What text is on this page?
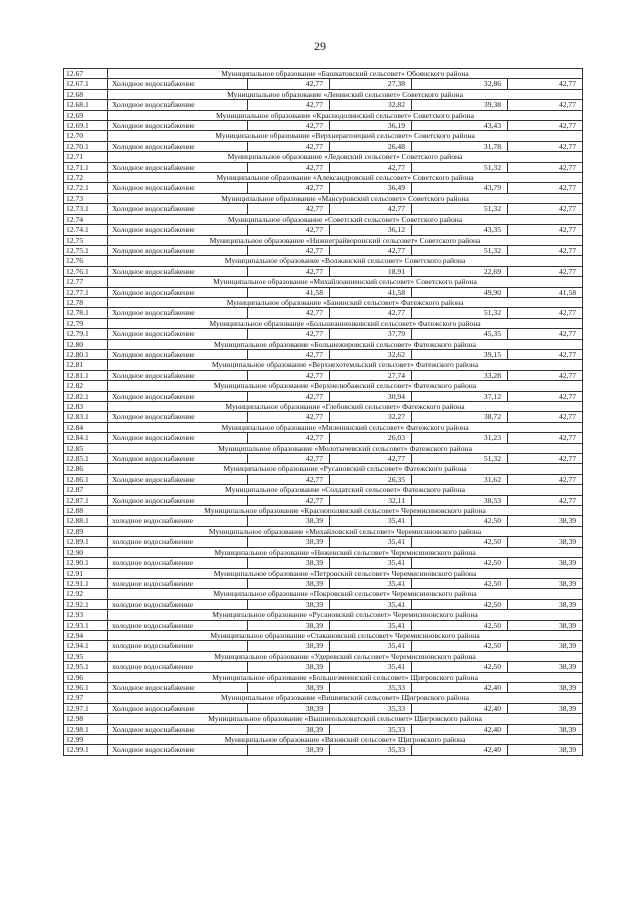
29
12.67	Муниципальное образование «Башкатовский сельсовет» Обоянского района				
12.67.1	Холодное водоснабжение	42,77	27,38	32,86	42,77
12.68	Муниципальное образование «Ленинский сельсовет» Советского района				
12.68.1	Холодное водоснабжение	42,77	32,82	39,38	42,77
12.69	Муниципальное образование «Краснодолинский сельсовет» Советского района				
12.69.1	Холодное водоснабжение	42,77	36,19	43,43	42,77
12.70	Муниципальное образование «Верхнерагозецкий сельсовет» Советского района				
12.70.1	Холодное водоснабжение	42,77	26,48	31,78	42,77
12.71	Муниципальное образование «Ледовский сельсовет» Советского района				
12.71.1	Холодное водоснабжение	42,77	42,77	51,32	42,77
12.72	Муниципальное образование «Александровский сельсовет» Советского района				
12.72.1	Холодное водоснабжение	42,77	36,49	43,79	42,77
12.73	Муниципальное образование «Мансуровский сельсовет» Советского района				
12.73.1	Холодное водоснабжение	42,77	42,77	51,32	42,77
12.74	Муниципальное образование «Советский сельсовет» Советского района				
12.74.1	Холодное водоснабжение	42,77	36,12	43,35	42,77
12.75	Муниципальное образование «Нижнеграйворонский сельсовет» Советского района				
12.75.1	Холодное водоснабжение	42,77	42,77	51,32	42,77
12.76	Муниципальное образование «Волжанский сельсовет» Советского района				
12.76.1	Холодное водоснабжение	42,77	18,91	22,69	42,77
12.77	Муниципальное образование «Михайлоанненский сельсовет» Советского района				
12.77.1	Холодное водоснабжение	41,58	41,58	49,90	41,58
12.78	Муниципальное образование «Банинский сельсовет» Фатежского района				
12.78.1	Холодное водоснабжение	42,77	42,77	51,32	42,77
12.79	Муниципальное образование «Большеанненковский сельсовет» Фатежского района				
12.79.1	Холодное водоснабжение	42,77	37,79	45,35	42,77
12.80	Муниципальное образование «Большежировский сельсовет» Фатежского района				
12.80.1	Холодное водоснабжение	42,77	32,62	39,15	42,77
12.81	Муниципальное образование «Верхнехотемльский сельсовет» Фатежского района				
12.81.1	Холодное водоснабжение	42,77	27,74	33,28	42,77
12.82	Муниципальное образование «Верхнелюбажский сельсовет» Фатежского района				
12.82.1	Холодное водоснабжение	42,77	30,94	37,12	42,77
12.83	Муниципальное образование «Глебовский сельсовет» Фатежского района				
12.83.1	Холодное водоснабжение	42,77	32,27	38,72	42,77
12.84	Муниципальное образование «Миленинский сельсовет» Фатежского района				
12.84.1	Холодное водоснабжение	42,77	26,03	31,23	42,77
12.85	Муниципальное образование «Молотычевский сельсовет» Фатежского района				
12.85.1	Холодное водоснабжение	42,77	42,77	51,32	42,77
12.86	Муниципальное образование «Русановский сельсовет» Фатежского района				
12.86.1	Холодное водоснабжение	42,77	26,35	31,62	42,77
12.87	Муниципальное образование «Солдатский сельсовет» Фатежского района				
12.87.1	Холодное водоснабжение	42,77	32,11	38,53	42,77
12.88	Муниципальное образование «Краснополянский сельсовет» Черемисиновского района				
12.88.1	холодное водоснабжение	38,39	35,41	42,50	38,39
12.89	Муниципальное образование «Михайловский сельсовет» Черемисиновского района				
12.89.1	холодное водоснабжение	38,39	35,41	42,50	38,39
12.90	Муниципальное образование «Ниженский сельсовет» Черемисиновского района				
12.90.1	холодное водоснабжение	38,39	35,41	42,50	38,39
12.91	Муниципальное образование «Петровский сельсовет» Черемисиновского района				
12.91.1	холодное водоснабжение	38,39	35,41	42,50	38,39
12.92	Муниципальное образование «Покровский сельсовет» Черемисиновского района				
12.92.1	холодное водоснабжение	38,39	35,41	42,50	38,39
12.93	Муниципальное образование «Русановский сельсовет» Черемисиновского района				
12.93.1	холодное водоснабжение	38,39	35,41	42,50	38,39
12.94	Муниципальное образование «Стакановский сельсовет» Черемисиновского района				
12.94.1	холодное водоснабжение	38,39	35,41	42,50	38,39
12.95	Муниципальное образование «Удеревский сельсовет» Черемисиновского района				
12.95.1	холодное водоснабжение	38,39	35,41	42,50	38,39
12.96	Муниципальное образование «Большезмеинский сельсовет» Щигровского района				
12.96.1	Холодное водоснабжение	38,39	35,33	42,40	38,39
12.97	Муниципальное образование «Вишневский сельсовет» Щигровского района				
12.97.1	Холодное водоснабжение	38,39	35,33	42,40	38,39
12.98	Муниципальное образование «Вышнеольховатский сельсовет» Щигровского района				
12.98.1	Холодное водоснабжение	38,39	35,33	42,40	38,39
12.99	Муниципальное образование «Вязовский сельсовет» Щигровского района				
12.99.1	Холодное водоснабжение	38,39	35,33	42,40	38,39
